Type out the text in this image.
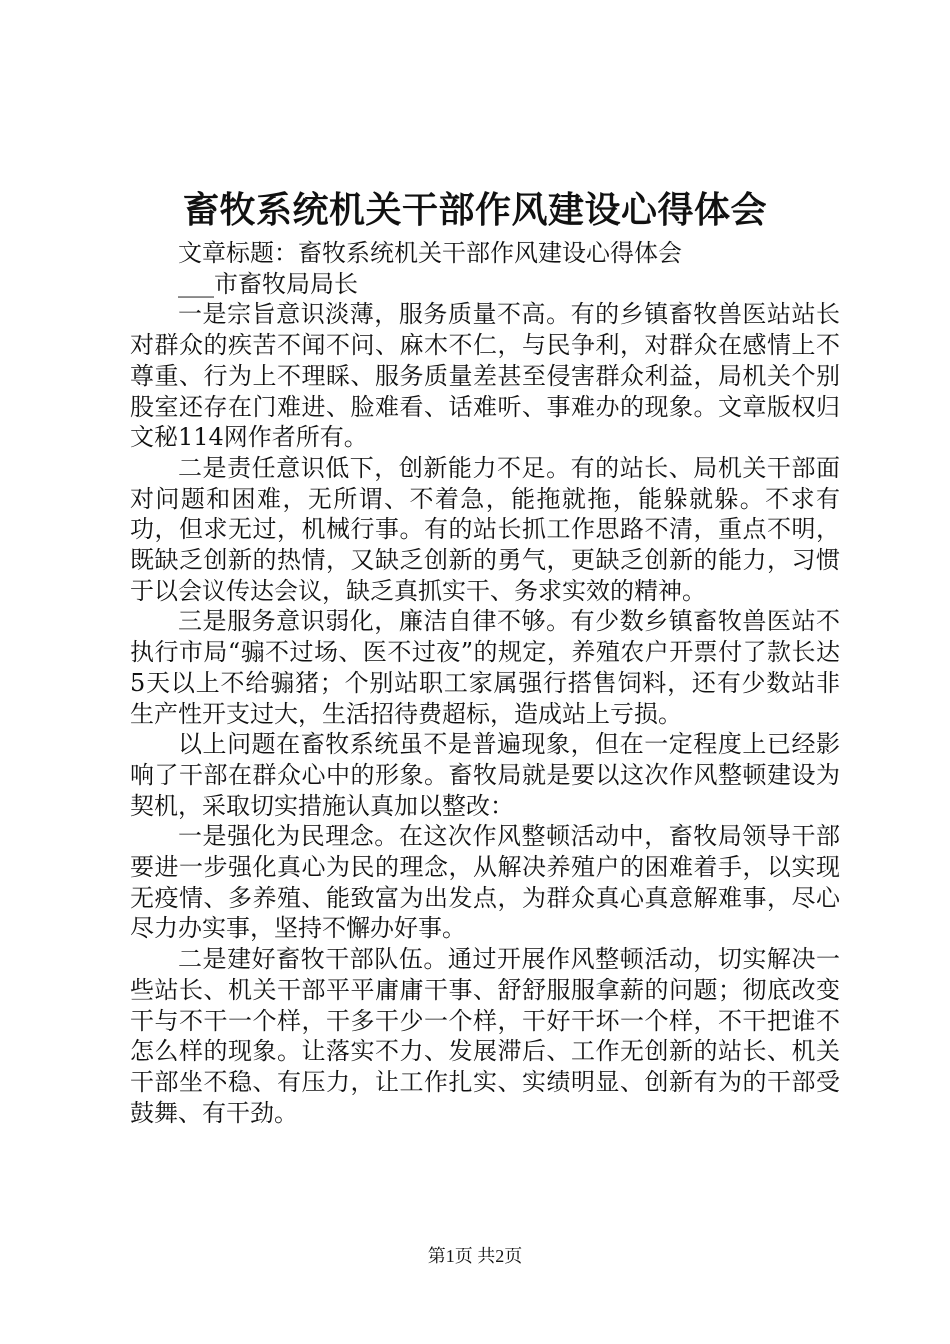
畜牧系统机关干部作风建设心得体会
文章标题：畜牧系统机关干部作风建设心得体会
___市畜牧局局长

一是宗旨意识淡薄，服务质量不高。有的乡镇畜牧兽医站站长对群众的疾苦不闻不问、麻木不仁，与民争利，对群众在感情上不尊重、行为上不理睬、服务质量差甚至侵害群众利益，局机关个别股室还存在门难进、脸难看、话难听、事难办的现象。文章版权归文秘114网作者所有。

二是责任意识低下，创新能力不足。有的站长、局机关干部面对问题和困难，无所谓、不着急，能拖就拖，能躲就躲。不求有功，但求无过，机械行事。有的站长抓工作思路不清，重点不明，既缺乏创新的热情，又缺乏创新的勇气，更缺乏创新的能力，习惯于以会议传达会议，缺乏真抓实干、务求实效的精神。

三是服务意识弱化，廉洁自律不够。有少数乡镇畜牧兽医站不执行市局“骟不过场、医不过夜”的规定，养殖农户开票付了款长达5天以上不给骟猪；个别站职工家属强行搭售饲料，还有少数站非生产性开支过大，生活招待费超标，造成站上亏损。

以上问题在畜牧系统虽不是普遍现象，但在一定程度上已经影响了干部在群众心中的形象。畜牧局就是要以这次作风整顿建设为契机，采取切实措施认真加以整改：

一是强化为民理念。在这次作风整顿活动中，畜牧局领导干部要进一步强化真心为民的理念，从解决养殖户的困难着手，以实现无疫情、多养殖、能致富为出发点，为群众真心真意解难事，尽心尽力办实事，坚持不懈办好事。

二是建好畜牧干部队伍。通过开展作风整顿活动，切实解决一些站长、机关干部平平庸庸干事、舒舒服服拿薪的问题；彻底改变干与不干一个样，干多干少一个样，干好干坏一个样，不干把谁不怎么样的现象。让落实不力、发展滞后、工作无创新的站长、机关干部坐不稳、有压力，让工作扎实、实绩明显、创新有为的干部受鼓舞、有干劲。

第1页 共2页
